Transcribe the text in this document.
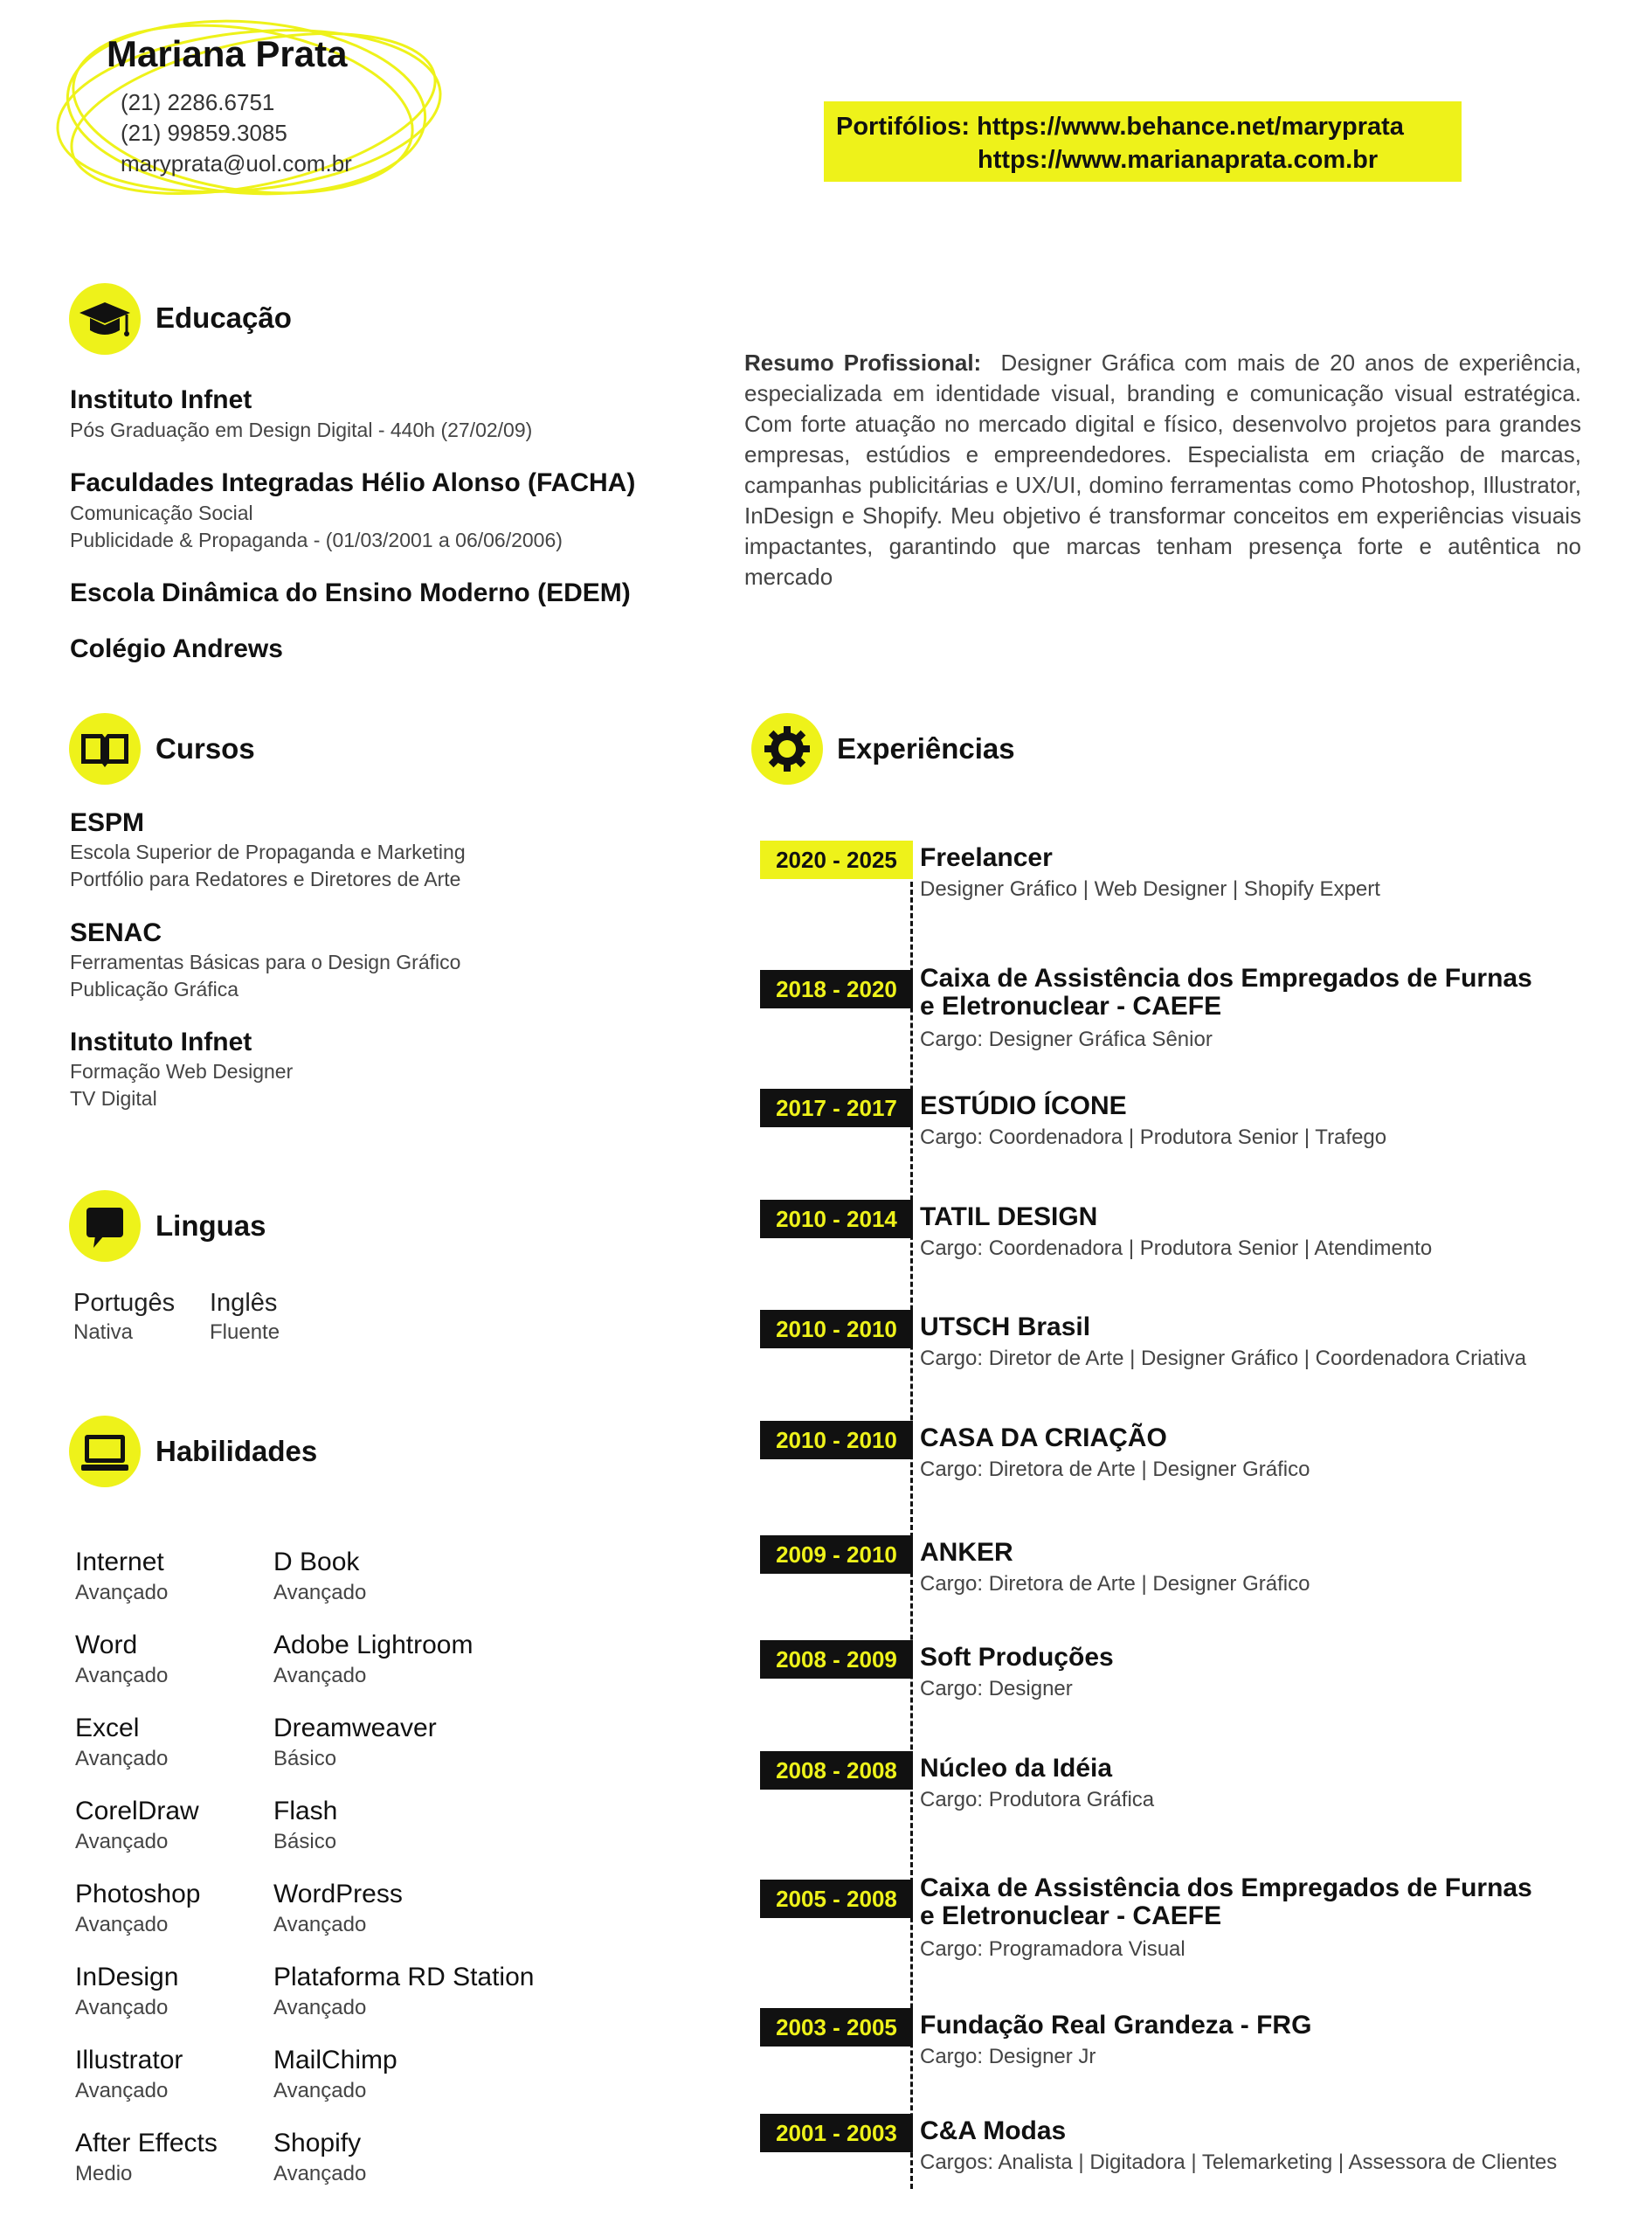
Mariana Prata
(21) 2286.6751
(21) 99859.3085
maryprata@uol.com.br
Portifólios: https://www.behance.net/maryprata
https://www.marianaprata.com.br
Educação
Instituto Infnet
Pós Graduação em Design Digital - 440h (27/02/09)
Faculdades Integradas Hélio Alonso (FACHA)
Comunicação Social
Publicidade & Propaganda - (01/03/2001 a 06/06/2006)
Escola Dinâmica do Ensino Moderno (EDEM)
Colégio Andrews
Resumo Profissional: Designer Gráfica com mais de 20 anos de experiência, especializada em identidade visual, branding e comunicação visual estratégica. Com forte atuação no mercado digital e físico, desenvolvo projetos para grandes empresas, estúdios e empreendedores. Especialista em criação de marcas, campanhas publicitárias e UX/UI, domino ferramentas como Photoshop, Illustrator, InDesign e Shopify. Meu objetivo é transformar conceitos em experiências visuais impactantes, garantindo que marcas tenham presença forte e autêntica no mercado
Cursos
ESPM
Escola Superior de Propaganda e Marketing
Portfólio para Redatores e Diretores de Arte
SENAC
Ferramentas Básicas para o Design Gráfico
Publicação Gráfica
Instituto Infnet
Formação Web Designer
TV Digital
Linguas
Portugês
Nativa
Inglês
Fluente
Habilidades
Internet
Avançado
Word
Avançado
Excel
Avançado
CorelDraw
Avançado
Photoshop
Avançado
InDesign
Avançado
Illustrator
Avançado
After Effects
Medio
D Book
Avançado
Adobe Lightroom
Avançado
Dreamweaver
Básico
Flash
Básico
WordPress
Avançado
Plataforma RD Station
Avançado
MailChimp
Avançado
Shopify
Avançado
Experiências
2020 - 2025 Freelancer
Designer Gráfico | Web Designer | Shopify Expert
2018 - 2020 Caixa de Assistência dos Empregados de Furnas e Eletronuclear - CAEFE
Cargo: Designer Gráfica Sênior
2017 - 2017 ESTÚDIO ÍCONE
Cargo: Coordenadora | Produtora Senior | Trafego
2010 - 2014 TATIL DESIGN
Cargo: Coordenadora | Produtora Senior | Atendimento
2010 - 2010 UTSCH Brasil
Cargo: Diretor de Arte | Designer Gráfico | Coordenadora Criativa
2010 - 2010 CASA DA CRIAÇÃO
Cargo: Diretora de Arte | Designer Gráfico
2009 - 2010 ANKER
Cargo: Diretora de Arte | Designer Gráfico
2008 - 2009 Soft Produções
Cargo: Designer
2008 - 2008 Núcleo da Idéia
Cargo: Produtora Gráfica
2005 - 2008 Caixa de Assistência dos Empregados de Furnas e Eletronuclear - CAEFE
Cargo: Programadora Visual
2003 - 2005 Fundação Real Grandeza - FRG
Cargo: Designer Jr
2001 - 2003 C&A Modas
Cargos: Analista | Digitadora | Telemarketing | Assessora de Clientes
